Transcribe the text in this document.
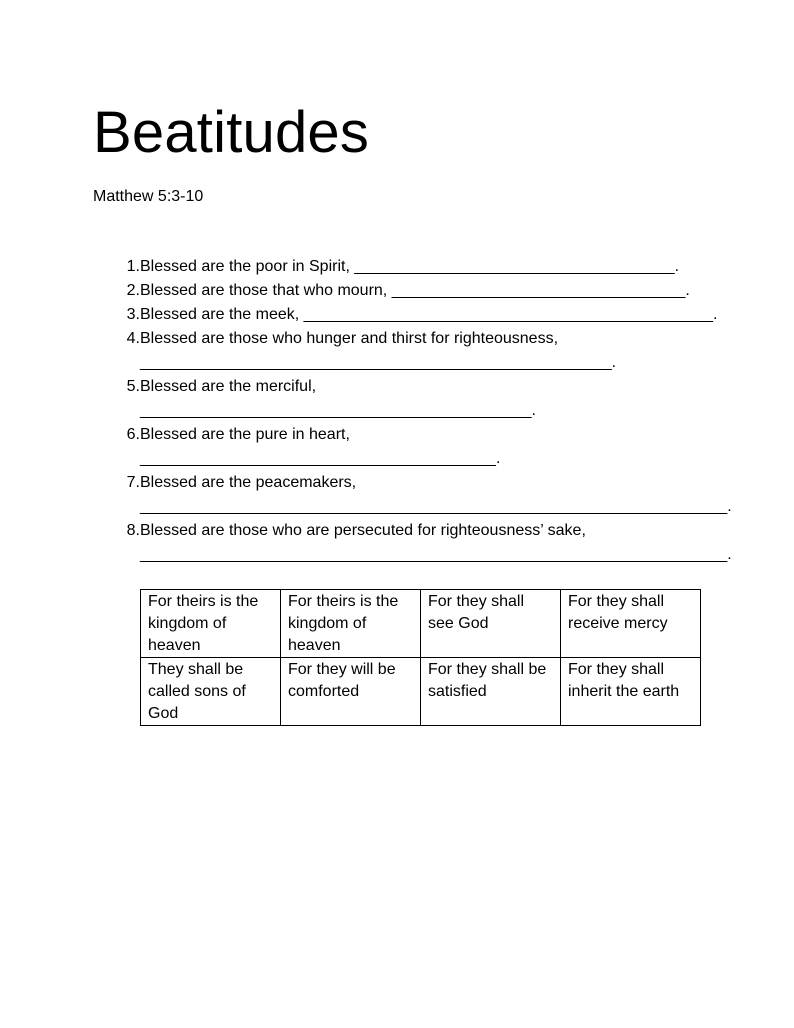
Beatitudes
Matthew 5:3-10
1. Blessed are the poor in Spirit, ____________________________________.
2. Blessed are those that who mourn, _________________________________.
3. Blessed are the meek, ______________________________________________.
4. Blessed are those who hunger and thirst for righteousness,
_____________________________________________________.
5. Blessed are the merciful,
____________________________________________.
6. Blessed are the pure in heart,
________________________________________.
7. Blessed are the peacemakers,
__________________________________________________________________.
8. Blessed are those who are persecuted for righteousness’ sake,
__________________________________________________________________.
For theirs is the kingdom of heaven	For theirs is the kingdom of heaven	For they shall see God	For they shall receive mercy
They shall be called sons of God	For they will be comforted	For they shall be satisfied	For they shall inherit the earth
